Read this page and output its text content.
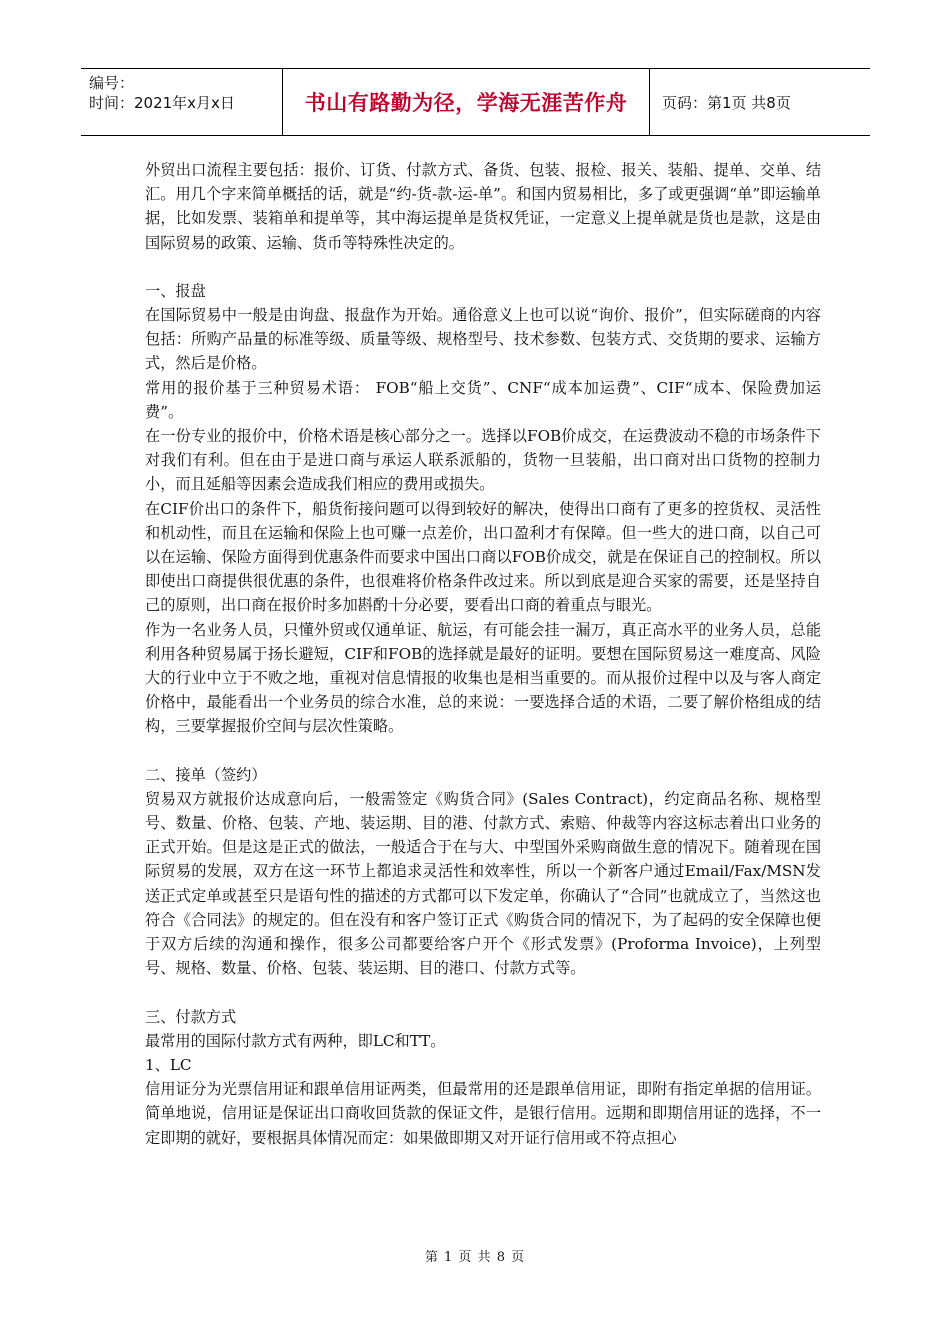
编号：
时间：2021年x月x日	书山有路勤为径，学海无涯苦作舟	页码：第1页 共8页

外贸出口流程主要包括：报价、订货、付款方式、备货、包装、报检、报关、装船、提单、交单、结汇。用几个字来简单概括的话，就是“约-货-款-运-单”。和国内贸易相比，多了或更强调“单”即运输单据，比如发票、装箱单和提单等，其中海运提单是货权凭证，一定意义上提单就是货也是款，这是由国际贸易的政策、运输、货币等特殊性决定的。

一、报盘

在国际贸易中一般是由询盘、报盘作为开始。通俗意义上也可以说“询价、报价”，但实际磋商的内容包括：所购产品量的标准等级、质量等级、规格型号、技术参数、包装方式、交货期的要求、运输方式，然后是价格。

常用的报价基于三种贸易术语： FOB“船上交货”、CNF“成本加运费”、CIF“成本、保险费加运费”。

在一份专业的报价中，价格术语是核心部分之一。选择以FOB价成交，在运费波动不稳的市场条件下对我们有利。但在由于是进口商与承运人联系派船的，货物一旦装船，出口商对出口货物的控制力小，而且延船等因素会造成我们相应的费用或损失。

在CIF价出口的条件下，船货衔接问题可以得到较好的解决，使得出口商有了更多的控货权、灵活性和机动性，而且在运输和保险上也可赚一点差价，出口盈利才有保障。但一些大的进口商，以自己可以在运输、保险方面得到优惠条件而要求中国出口商以FOB价成交，就是在保证自己的控制权。所以即使出口商提供很优惠的条件，也很难将价格条件改过来。所以到底是迎合买家的需要，还是坚持自己的原则，出口商在报价时多加斟酌十分必要，要看出口商的着重点与眼光。

作为一名业务人员，只懂外贸或仅通单证、航运，有可能会挂一漏万，真正高水平的业务人员，总能利用各种贸易属于扬长避短，CIF和FOB的选择就是最好的证明。要想在国际贸易这一难度高、风险大的行业中立于不败之地，重视对信息情报的收集也是相当重要的。而从报价过程中以及与客人商定价格中，最能看出一个业务员的综合水准，总的来说：一要选择合适的术语，二要了解价格组成的结构，三要掌握报价空间与层次性策略。

二、接单（签约）

贸易双方就报价达成意向后，一般需签定《购货合同》(Sales Contract)，约定商品名称、规格型号、数量、价格、包装、产地、装运期、目的港、付款方式、索赔、仲裁等内容这标志着出口业务的正式开始。但是这是正式的做法，一般适合于在与大、中型国外采购商做生意的情况下。随着现在国际贸易的发展，双方在这一环节上都追求灵活性和效率性，所以一个新客户通过Email/Fax/MSN发送正式定单或甚至只是语句性的描述的方式都可以下发定单，你确认了“合同”也就成立了，当然这也符合《合同法》的规定的。但在没有和客户签订正式《购货合同的情况下，为了起码的安全保障也便于双方后续的沟通和操作，很多公司都要给客户开个《形式发票》(Proforma Invoice)，上列型号、规格、数量、价格、包装、装运期、目的港口、付款方式等。

三、付款方式

最常用的国际付款方式有两种，即LC和TT。

1、LC

信用证分为光票信用证和跟单信用证两类，但最常用的还是跟单信用证，即附有指定单据的信用证。简单地说，信用证是保证出口商收回货款的保证文件，是银行信用。远期和即期信用证的选择，不一定即期的就好，要根据具体情况而定：如果做即期又对开证行信用或不符点担心

第 1 页 共 8 页
